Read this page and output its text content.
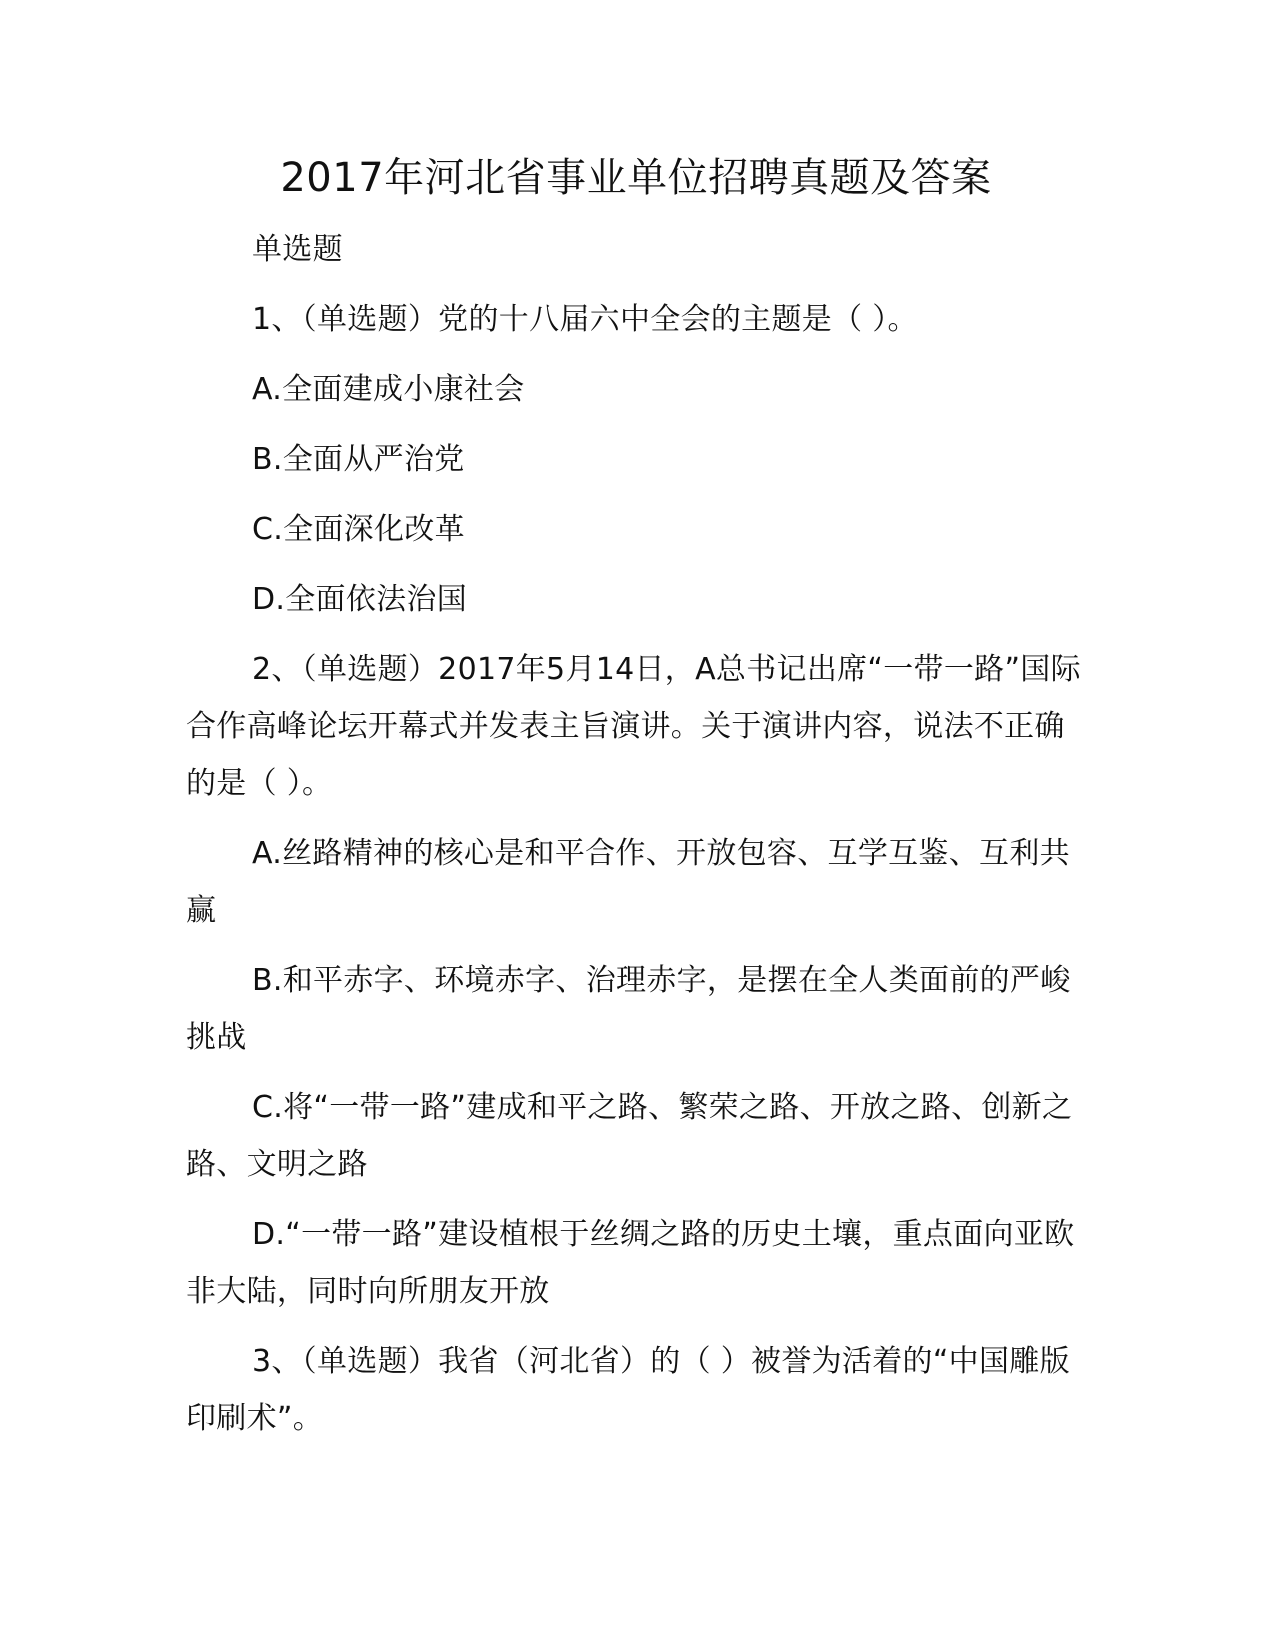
2017年河北省事业单位招聘真题及答案

单选题

1、（单选题）党的十八届六中全会的主题是（ ）。

A.全面建成小康社会

B.全面从严治党

C.全面深化改革

D.全面依法治国

2、（单选题）2017年5月14日，A总书记出席“一带一路”国际合作高峰论坛开幕式并发表主旨演讲。关于演讲内容，说法不正确的是（ ）。

A.丝路精神的核心是和平合作、开放包容、互学互鉴、互利共赢

B.和平赤字、环境赤字、治理赤字，是摆在全人类面前的严峻挑战

C.将“一带一路”建成和平之路、繁荣之路、开放之路、创新之路、文明之路

D.“一带一路”建设植根于丝绸之路的历史土壤，重点面向亚欧非大陆，同时向所朋友开放

3、（单选题）我省（河北省）的（ ）被誉为活着的“中国雕版印刷术”。
